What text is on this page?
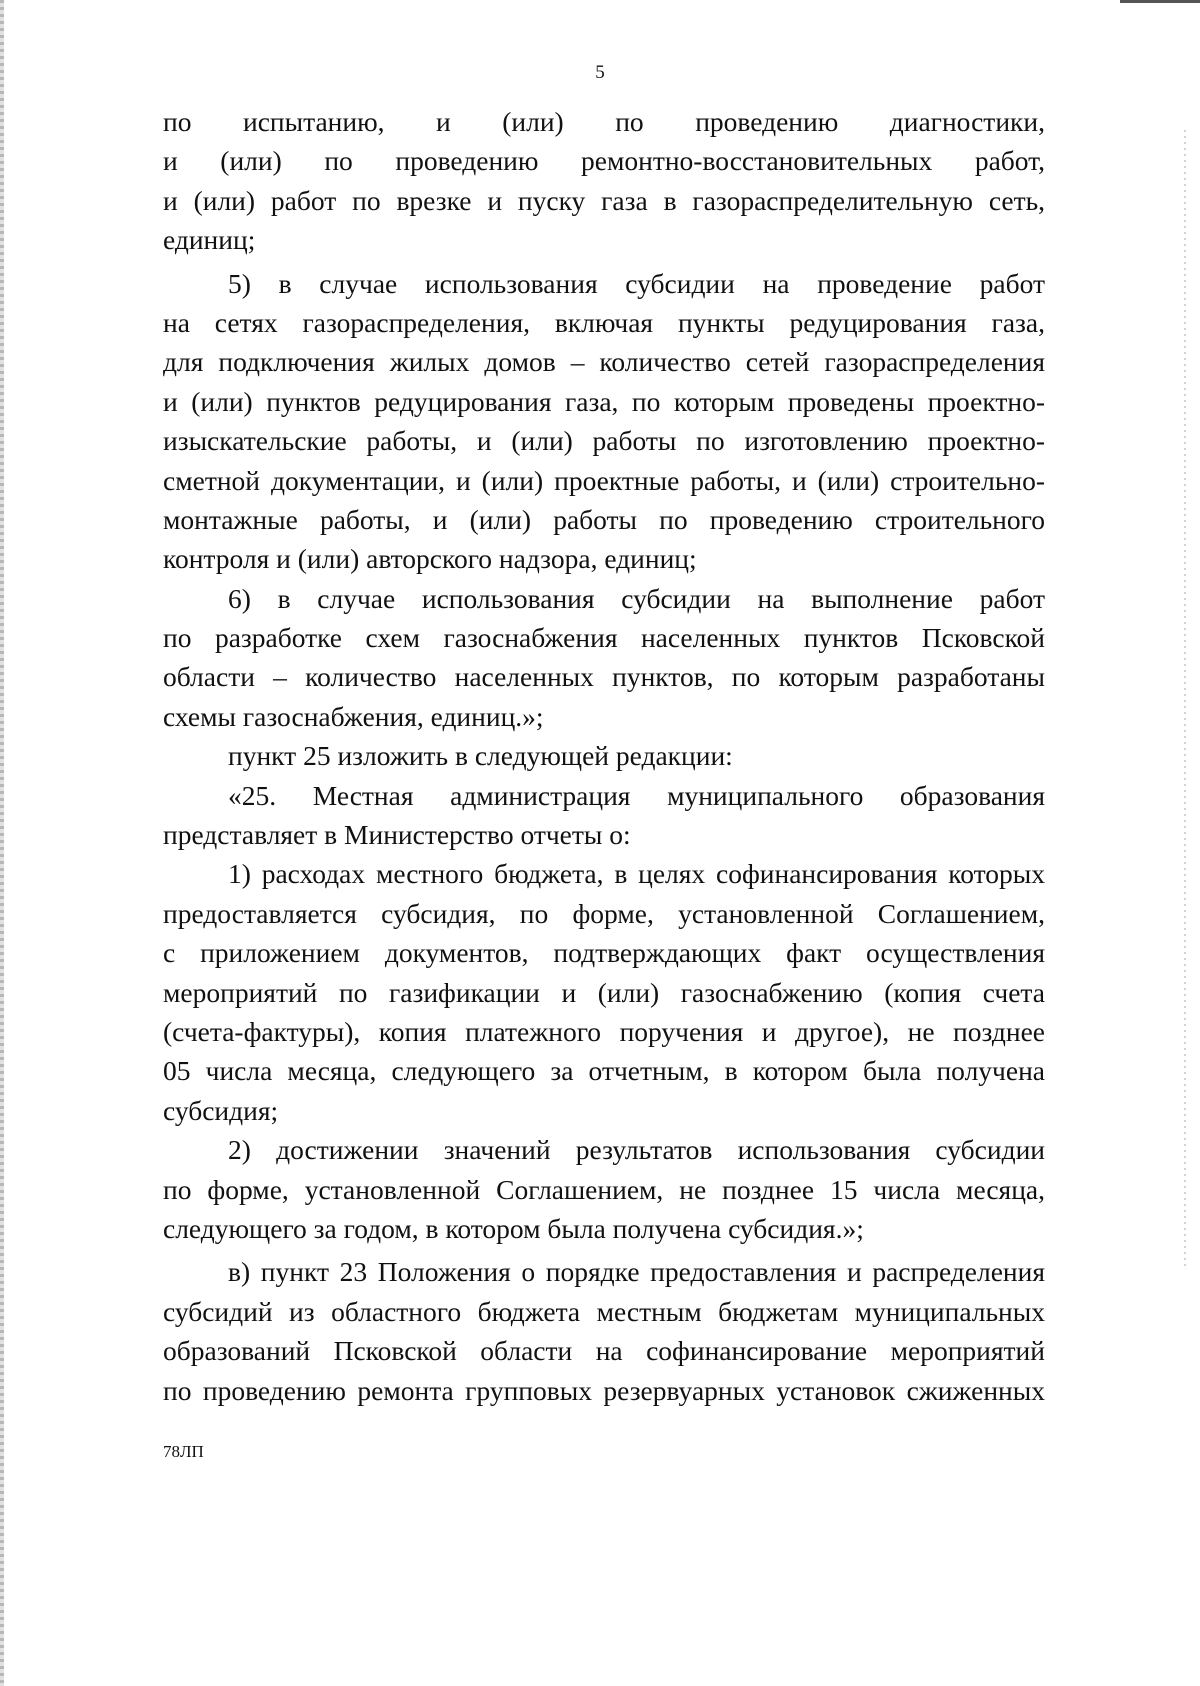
5
по испытанию, и (или) по проведению диагностики,
и (или) по проведению ремонтно-восстановительных работ,
и (или) работ по врезке и пуску газа в газораспределительную сеть,
единиц;
5) в случае использования субсидии на проведение работ
на сетях газораспределения, включая пункты редуцирования газа,
для подключения жилых домов – количество сетей газораспределения
и (или) пунктов редуцирования газа, по которым проведены проектно-
изыскательские работы, и (или) работы по изготовлению проектно-
сметной документации, и (или) проектные работы, и (или) строительно-
монтажные работы, и (или) работы по проведению строительного
контроля и (или) авторского надзора, единиц;
6) в случае использования субсидии на выполнение работ
по разработке схем газоснабжения населенных пунктов Псковской
области – количество населенных пунктов, по которым разработаны
схемы газоснабжения, единиц.»;
пункт 25 изложить в следующей редакции:
«25. Местная администрация муниципального образования
представляет в Министерство отчеты о:
1) расходах местного бюджета, в целях софинансирования которых
предоставляется субсидия, по форме, установленной Соглашением,
с приложением документов, подтверждающих факт осуществления
мероприятий по газификации и (или) газоснабжению (копия счета
(счета-фактуры), копия платежного поручения и другое), не позднее
05 числа месяца, следующего за отчетным, в котором была получена
субсидия;
2) достижении значений результатов использования субсидии
по форме, установленной Соглашением, не позднее 15 числа месяца,
следующего за годом, в котором была получена субсидия.»;
в) пункт 23 Положения о порядке предоставления и распределения
субсидий из областного бюджета местным бюджетам муниципальных
образований Псковской области на софинансирование мероприятий
по проведению ремонта групповых резервуарных установок сжиженных
78ЛП
